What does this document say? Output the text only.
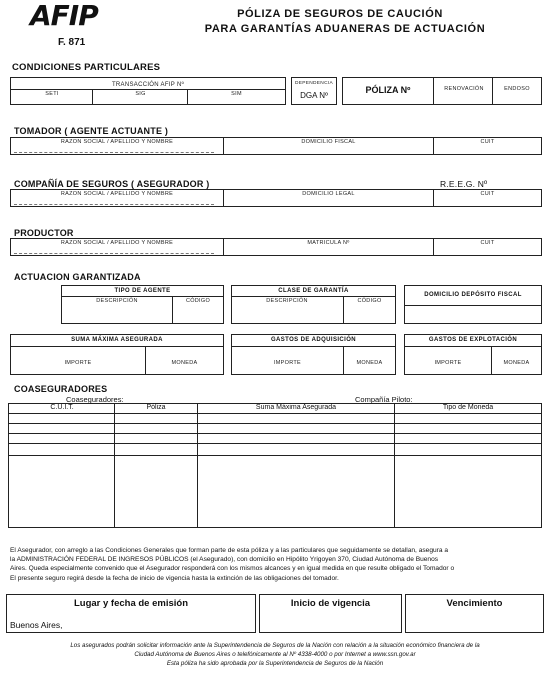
AFIP
F. 871
PÓLIZA DE SEGUROS DE CAUCIÓN
PARA GARANTÍAS ADUANERAS DE ACTUACIÓN
CONDICIONES PARTICULARES
TRANSACCIÓN AFIP Nº
SETI	SIG	SIM
DEPENDENCIA
DGA Nº
PÓLIZA Nº	RENOVACIÓN	ENDOSO
TOMADOR ( AGENTE ACTUANTE )
RAZON SOCIAL / APELLIDO Y NOMBRE	DOMICILIO FISCAL	CUIT
COMPAÑÍA DE SEGUROS ( ASEGURADOR )	R.E.E.G. Nº
RAZON SOCIAL / APELLIDO Y NOMBRE	DOMICILIO LEGAL	CUIT
PRODUCTOR
RAZON SOCIAL / APELLIDO Y NOMBRE	MATRICULA Nº	CUIT
ACTUACION GARANTIZADA
TIPO DE AGENTE
DESCRIPCIÓN	CÓDIGO
CLASE DE GARANTÍA
DESCRIPCIÓN	CÓDIGO
DOMICILIO DEPÓSITO FISCAL
SUMA MÁXIMA ASEGURADA
IMPORTE	MONEDA
GASTOS DE ADQUISICIÓN
IMPORTE	MONEDA
GASTOS DE EXPLOTACIÓN
IMPORTE	MONEDA
COASEGURADORES
Coaseguradores:	Compañía Piloto:
C.U.I.T.	Póliza	Suma Máxima Asegurada	Tipo de Moneda
El Asegurador, con arreglo a las Condiciones Generales que forman parte de esta póliza y a las particulares que seguidamente se detallan, asegura a
la ADMINISTRACIÓN FEDERAL DE INGRESOS PÚBLICOS (el Asegurado), con domicilio en Hipólito Yrigoyen 370, Ciudad Autónoma de Buenos
Aires. Queda especialmente convenido que el Asegurador responderá con los mismos alcances y en igual medida en que resulte obligado el Tomador o
El presente seguro regirá desde la fecha de inicio de vigencia hasta la extinción de las obligaciones del tomador.
Lugar y fecha de emisión
Buenos Aires,
Inicio de vigencia	Vencimiento
Los asegurados podrán solicitar información ante la Superintendencia de Seguros de la Nación con relación a la situación económico financiera de la
Ciudad Autónoma de Buenos Aires o telefónicamente al Nº 4338-4000 o por Internet a www.ssn.gov.ar
Esta póliza ha sido aprobada por la Superintendencia de Seguros de la Nación
